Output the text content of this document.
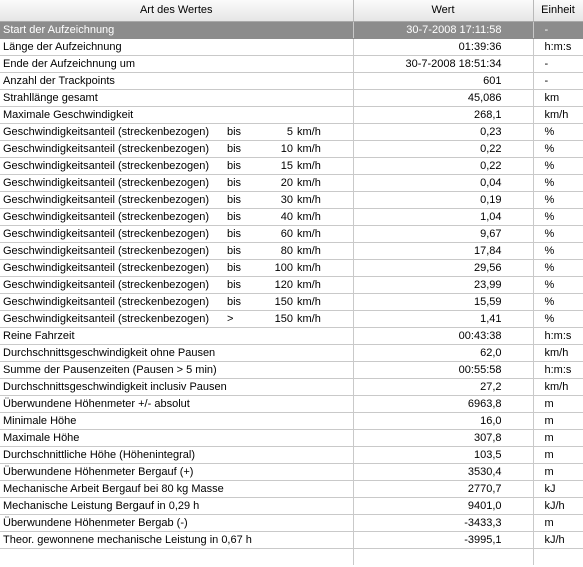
Art des Wertes	Wert	Einheit
Start der Aufzeichnung	30-7-2008 17:11:58	-
Länge der Aufzeichnung	01:39:36	h:m:s
Ende der Aufzeichnung um	30-7-2008 18:51:34	-
Anzahl der Trackpoints	601	-
Strahllänge gesamt	45,086	km
Maximale Geschwindigkeit	268,1	km/h
Geschwindigkeitsanteil (streckenbezogen) bis 5 km/h	0,23	%
Geschwindigkeitsanteil (streckenbezogen) bis 10 km/h	0,22	%
Geschwindigkeitsanteil (streckenbezogen) bis 15 km/h	0,22	%
Geschwindigkeitsanteil (streckenbezogen) bis 20 km/h	0,04	%
Geschwindigkeitsanteil (streckenbezogen) bis 30 km/h	0,19	%
Geschwindigkeitsanteil (streckenbezogen) bis 40 km/h	1,04	%
Geschwindigkeitsanteil (streckenbezogen) bis 60 km/h	9,67	%
Geschwindigkeitsanteil (streckenbezogen) bis 80 km/h	17,84	%
Geschwindigkeitsanteil (streckenbezogen) bis 100 km/h	29,56	%
Geschwindigkeitsanteil (streckenbezogen) bis 120 km/h	23,99	%
Geschwindigkeitsanteil (streckenbezogen) bis 150 km/h	15,59	%
Geschwindigkeitsanteil (streckenbezogen) > 150 km/h	1,41	%
Reine Fahrzeit	00:43:38	h:m:s
Durchschnittsgeschwindigkeit ohne Pausen	62,0	km/h
Summe der Pausenzeiten (Pausen > 5 min)	00:55:58	h:m:s
Durchschnittsgeschwindigkeit inclusiv Pausen	27,2	km/h
Überwundene Höhenmeter +/- absolut	6963,8	m
Minimale Höhe	16,0	m
Maximale Höhe	307,8	m
Durchschnittliche Höhe (Höhenintegral)	103,5	m
Überwundene Höhenmeter Bergauf (+)	3530,4	m
Mechanische Arbeit Bergauf bei 80 kg Masse	2770,7	kJ
Mechanische Leistung Bergauf in 0,29 h	9401,0	kJ/h
Überwundene Höhenmeter Bergab (-)	-3433,3	m
Theor. gewonnene mechanische Leistung in 0,67 h	-3995,1	kJ/h
